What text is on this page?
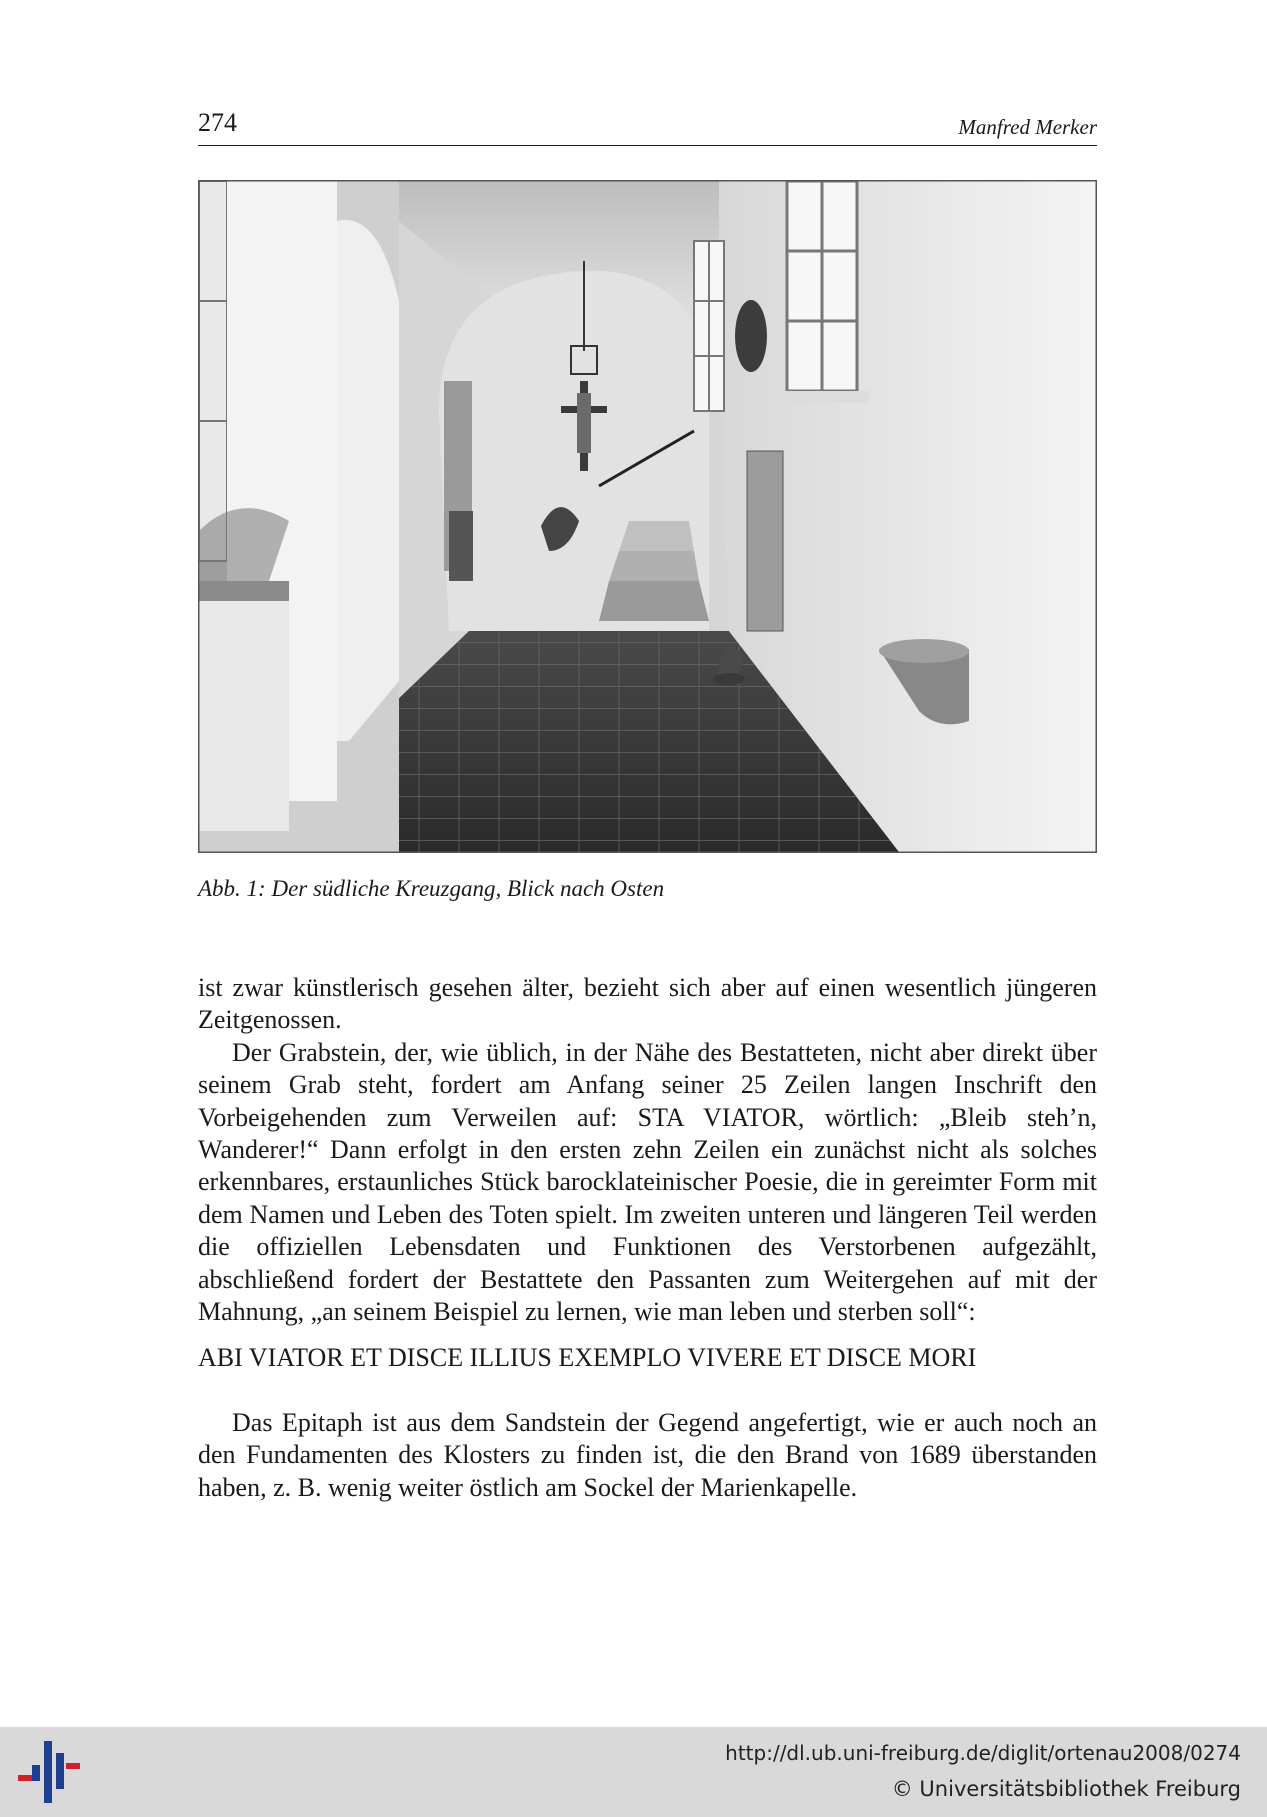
274	Manfred Merker
Abb. 1: Der südliche Kreuzgang, Blick nach Osten

ist zwar künstlerisch gesehen älter, bezieht sich aber auf einen wesentlich jüngeren Zeitgenossen.

Der Grabstein, der, wie üblich, in der Nähe des Bestatteten, nicht aber direkt über seinem Grab steht, fordert am Anfang seiner 25 Zeilen langen Inschrift den Vorbeigehenden zum Verweilen auf: STA VIATOR, wörtlich: „Bleib steh’n, Wanderer!“ Dann erfolgt in den ersten zehn Zeilen ein zunächst nicht als solches erkennbares, erstaunliches Stück barocklateinischer Poesie, die in gereimter Form mit dem Namen und Leben des Toten spielt. Im zweiten unteren und längeren Teil werden die offiziellen Lebensdaten und Funktionen des Verstorbenen aufgezählt, abschließend fordert der Bestattete den Passanten zum Weitergehen auf mit der Mahnung, „an seinem Beispiel zu lernen, wie man leben und sterben soll“:

ABI VIATOR ET DISCE ILLIUS EXEMPLO VIVERE ET DISCE MORI

Das Epitaph ist aus dem Sandstein der Gegend angefertigt, wie er auch noch an den Fundamenten des Klosters zu finden ist, die den Brand von 1689 überstanden haben, z. B. wenig weiter östlich am Sockel der Marienkapelle.

http://dl.ub.uni-freiburg.de/diglit/ortenau2008/0274
© Universitätsbibliothek Freiburg
